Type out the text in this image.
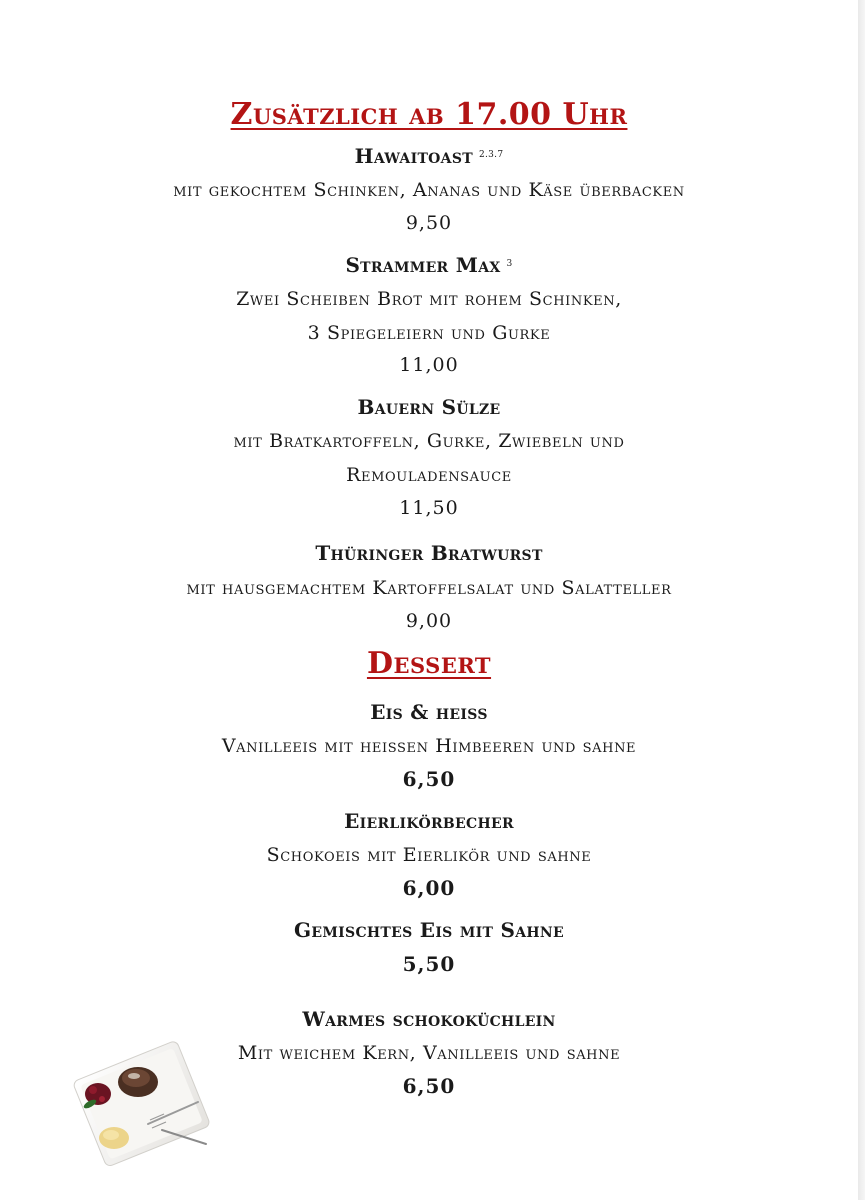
Zusätzlich ab 17.00 Uhr
Hawaitoast $^{2.3.7}$
mit gekochtem Schinken, Ananas und Käse überbacken
9,50
Strammer Max $^3$
Zwei Scheiben Brot mit rohem Schinken,
3 Spiegeleiern und Gurke
11,00
Bauern Sülze
mit Bratkartoffeln, Gurke, Zwiebeln und
Remouladensauce
11,50
Thüringer Bratwurst
mit hausgemachtem Kartoffelsalat und Salatteller
9,00
Dessert
Eis & heiss
Vanilleeis mit heissen Himbeeren und sahne
6,50
Eierlikörbecher
Schokoeis mit Eierlikör und sahne
6,00
Gemischtes Eis mit Sahne
5,50
Warmes schokoküchlein
Mit weichem Kern, Vanilleeis und sahne
6,50
